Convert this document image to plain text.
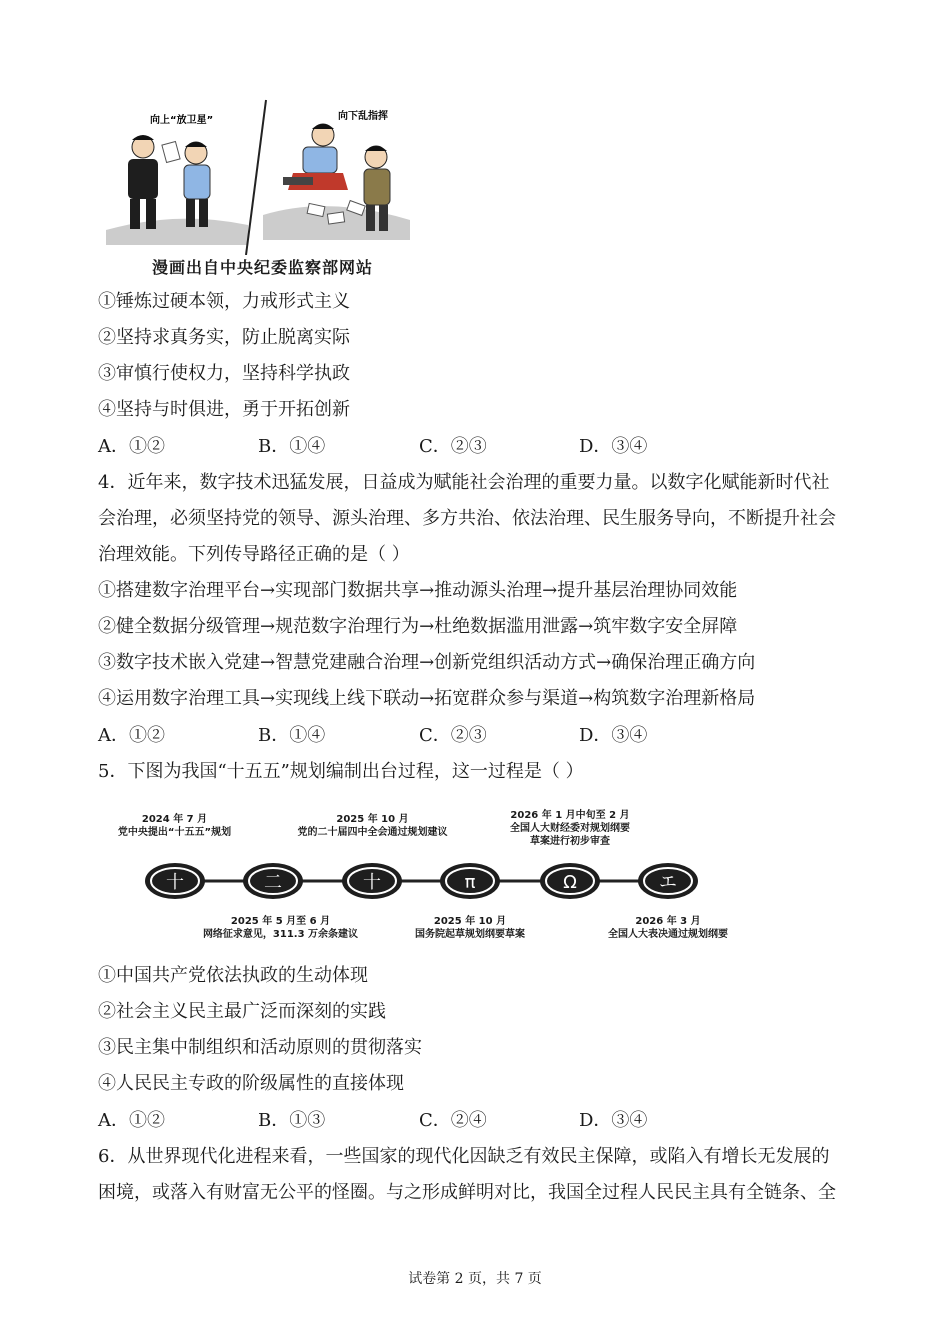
向上“放卫星”	向下乱指挥
漫画出自中央纪委监察部网站
①锤炼过硬本领，力戒形式主义
②坚持求真务实，防止脱离实际
③审慎行使权力，坚持科学执政
④坚持与时俱进，勇于开拓创新
A．①②	B．①④	C．②③	D．③④
4．近年来，数字技术迅猛发展，日益成为赋能社会治理的重要力量。以数字化赋能新时代社
会治理，必须坚持党的领导、源头治理、多方共治、依法治理、民生服务导向，不断提升社会
治理效能。下列传导路径正确的是（ ）
①搭建数字治理平台→实现部门数据共享→推动源头治理→提升基层治理协同效能
②健全数据分级管理→规范数字治理行为→杜绝数据滥用泄露→筑牢数字安全屏障
③数字技术嵌入党建→智慧党建融合治理→创新党组织活动方式→确保治理正确方向
④运用数字治理工具→实现线上线下联动→拓宽群众参与渠道→构筑数字治理新格局
A．①②	B．①④	C．②③	D．③④
5．下图为我国“十五五”规划编制出台过程，这一过程是（ ）
十	二	十	π	Ω	エ
2024 年 7 月
党中央提出“十五五”规划
2025 年 10 月
党的二十届四中全会通过规划建议
2026 年 1 月中旬至 2 月
全国人大财经委对规划纲要
草案进行初步审查
2025 年 5 月至 6 月
网络征求意见，311.3 万余条建议
2025 年 10 月
国务院起草规划纲要草案
2026 年 3 月
全国人大表决通过规划纲要
①中国共产党依法执政的生动体现
②社会主义民主最广泛而深刻的实践
③民主集中制组织和活动原则的贯彻落实
④人民民主专政的阶级属性的直接体现
A．①②	B．①③	C．②④	D．③④
6．从世界现代化进程来看，一些国家的现代化因缺乏有效民主保障，或陷入有增长无发展的
困境，或落入有财富无公平的怪圈。与之形成鲜明对比，我国全过程人民民主具有全链条、全
试卷第 2 页，共 7 页
